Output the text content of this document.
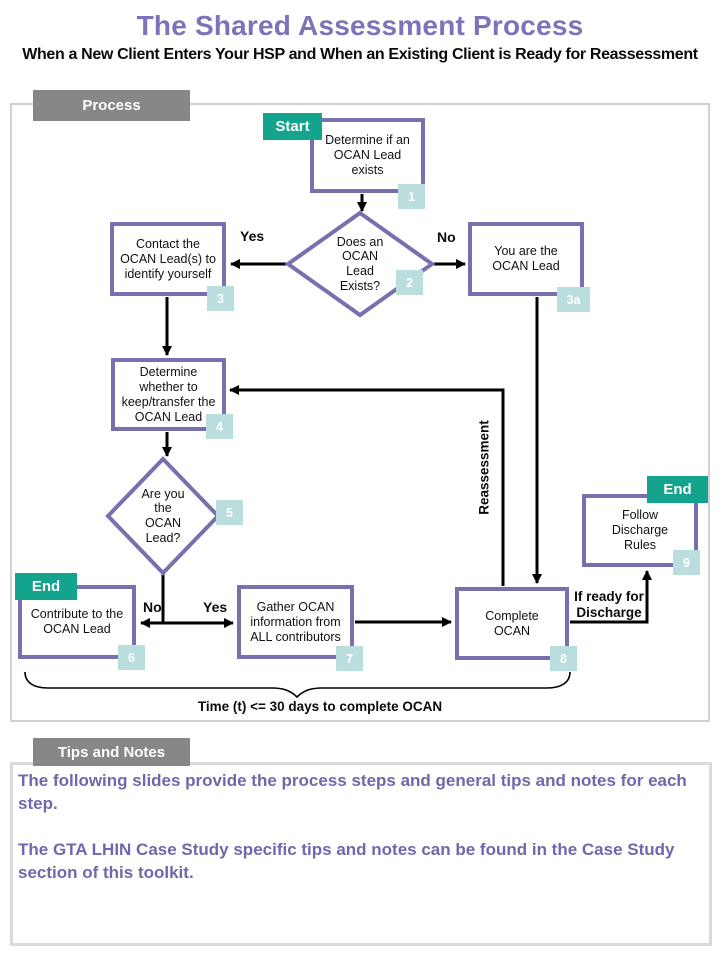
The Shared Assessment Process
When a New Client Enters Your HSP and When an Existing Client is Ready for Reassessment
Determine if an OCAN Lead exists
Contact the OCAN Lead(s) to identify yourself
You are the OCAN Lead
Determine whether to keep/transfer the OCAN Lead
Contribute to the OCAN Lead
Gather OCAN information from ALL contributors
Complete OCAN
Follow Discharge Rules
Does an OCAN Lead Exists?
Are you the OCAN Lead?
Process
Tips and Notes
Start
End
End
1
2
3	3a
4
5
6	7	8
9
Yes	No
No	Yes
If ready for Discharge
Reassessment
Time (t) <= 30 days to complete OCAN

The following slides provide the process steps and general tips and notes for each step.

The GTA LHIN Case Study specific tips and notes can be found in the Case Study section of this toolkit.
